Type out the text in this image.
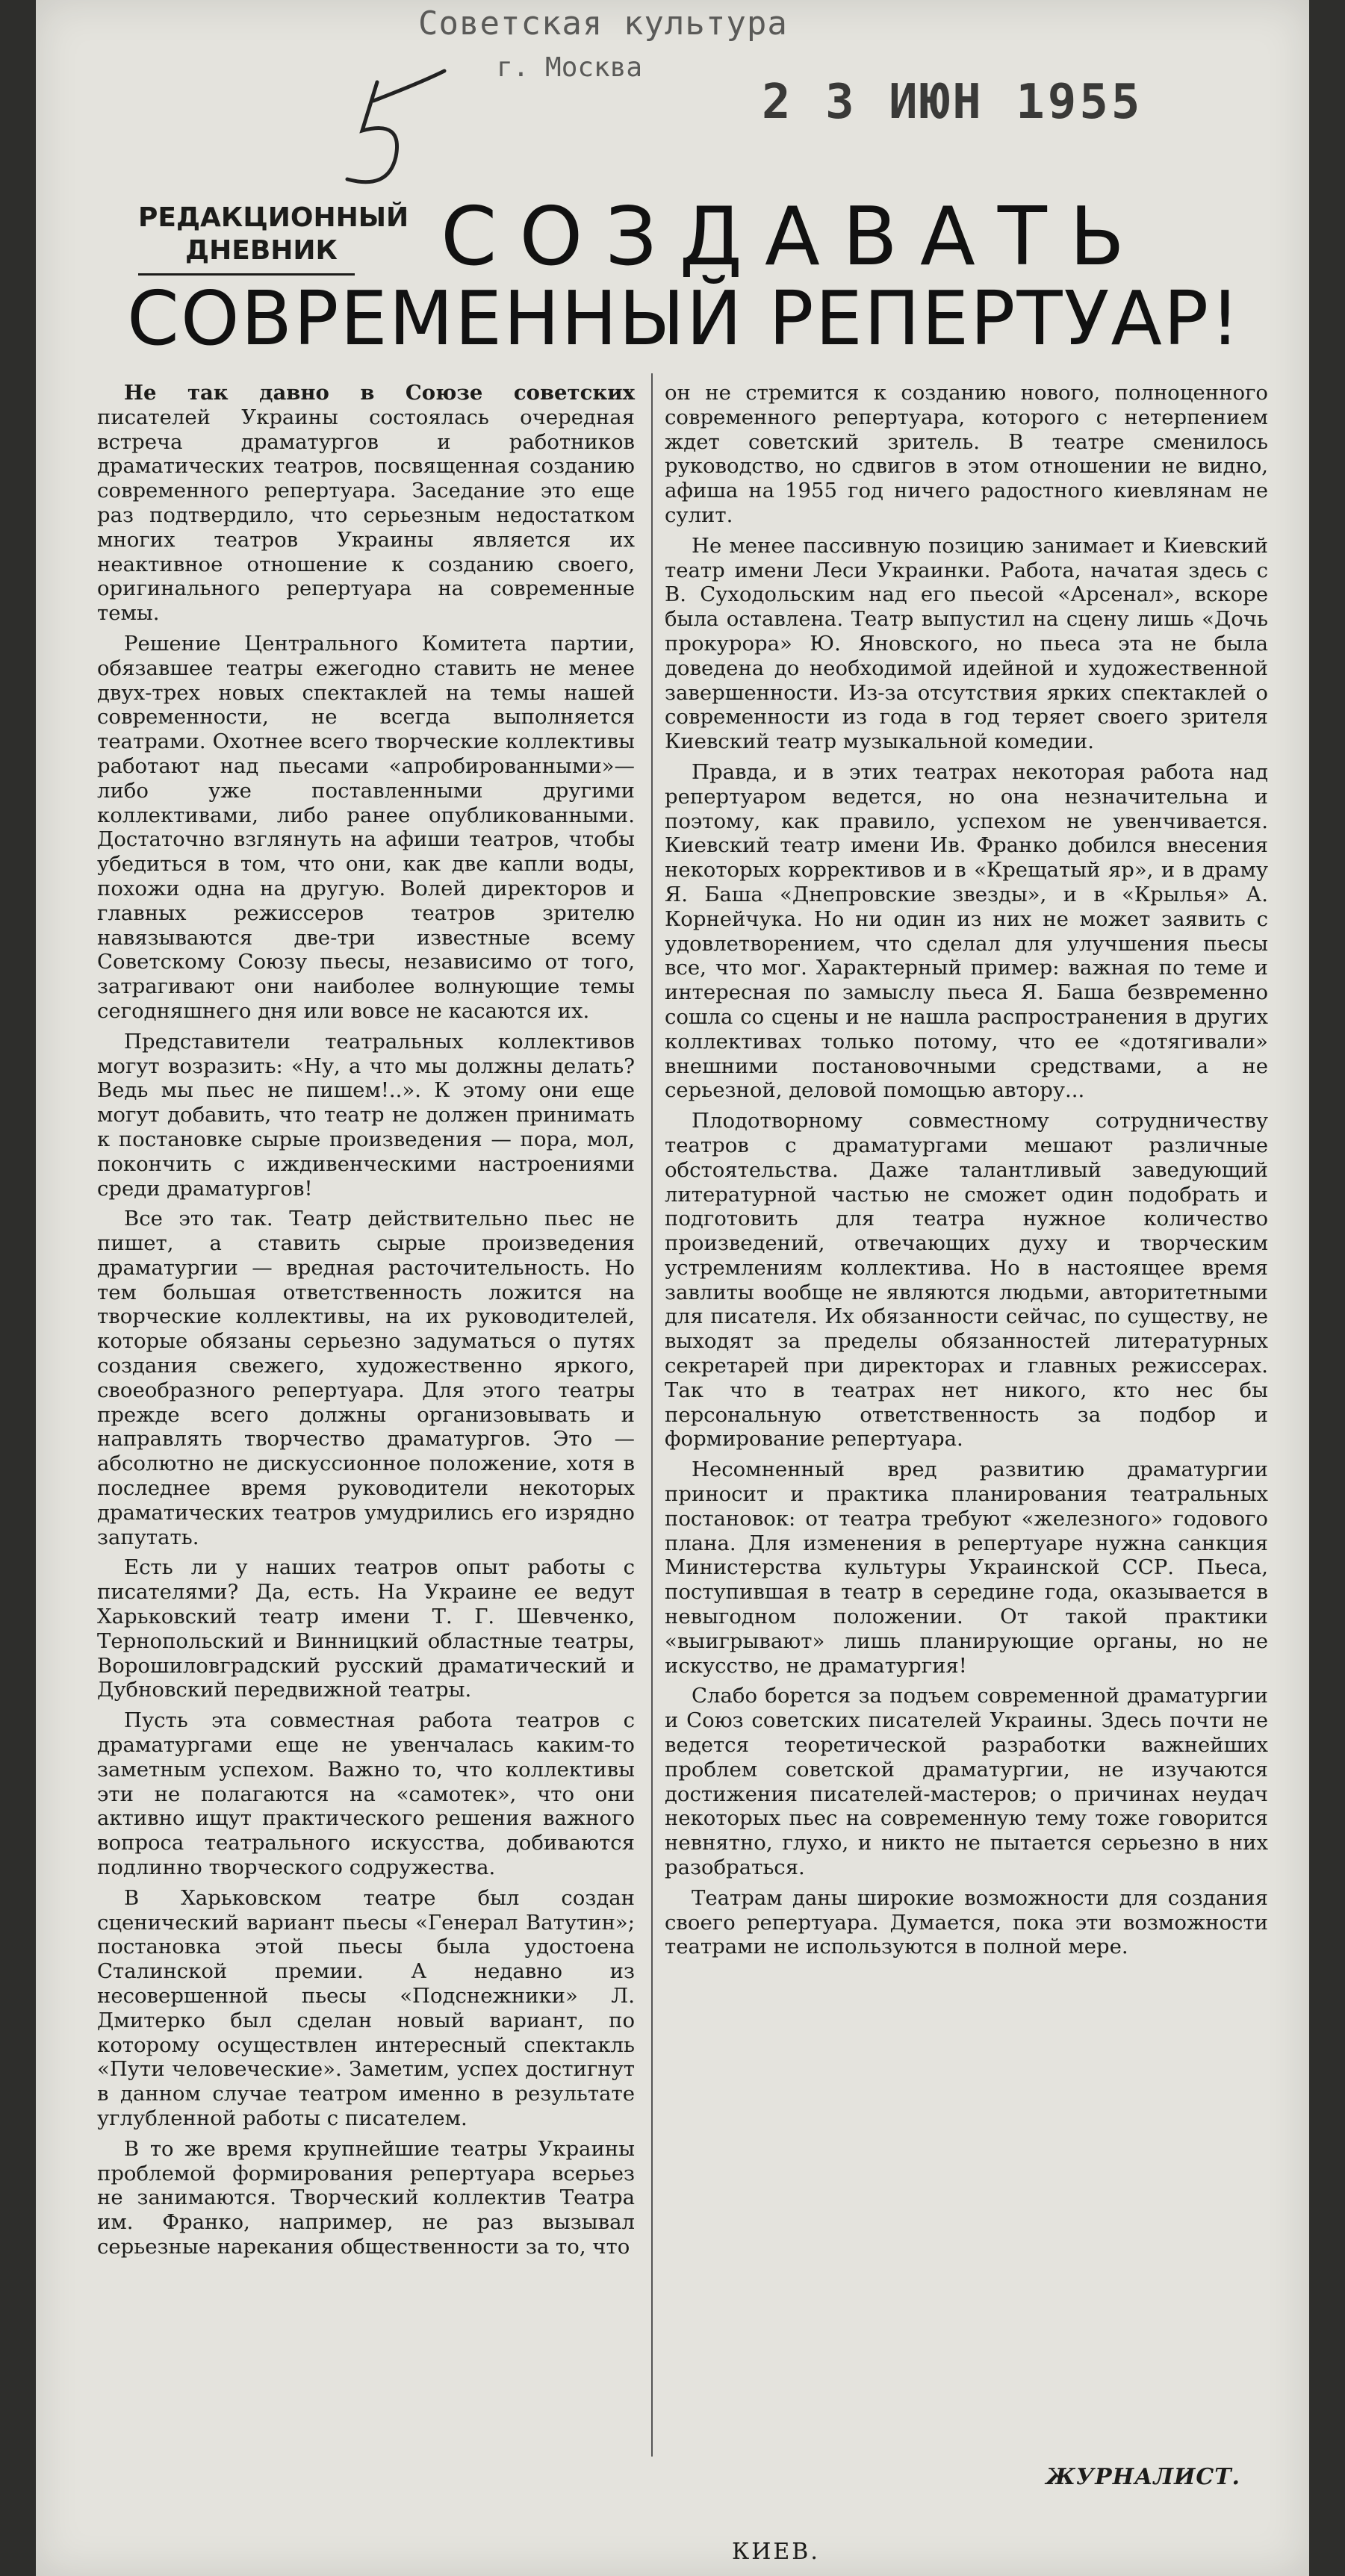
Советская культура
г. Москва
2 3 ИЮН 1955
РЕДАКЦИОННЫЙ ДНЕВНИК	СОЗДАВАТЬ
СОВРЕМЕННЫЙ РЕПЕРТУАР!

Не так давно в Союзе советских писателей Украины состоялась очередная встреча драматургов и работников драматических театров, посвященная созданию современного репертуара. Заседание это еще раз подтвердило, что серьезным недостатком многих театров Украины является их неактивное отношение к созданию своего, оригинального репертуара на современные темы.

Решение Центрального Комитета партии, обязавшее театры ежегодно ставить не менее двух-трех новых спектаклей на темы нашей современности, не всегда выполняется театрами. Охотнее всего творческие коллективы работают над пьесами «апробированными»—либо уже поставленными другими коллективами, либо ранее опубликованными. Достаточно взглянуть на афиши театров, чтобы убедиться в том, что они, как две капли воды, похожи одна на другую. Волей директоров и главных режиссеров театров зрителю навязываются две-три известные всему Советскому Союзу пьесы, независимо от того, затрагивают они наиболее волнующие темы сегодняшнего дня или вовсе не касаются их.

Представители театральных коллективов могут возразить: «Ну, а что мы должны делать? Ведь мы пьес не пишем!..». К этому они еще могут добавить, что театр не должен принимать к постановке сырые произведения — пора, мол, покончить с иждивенческими настроениями среди драматургов!

Все это так. Театр действительно пьес не пишет, а ставить сырые произведения драматургии — вредная расточительность. Но тем большая ответственность ложится на творческие коллективы, на их руководителей, которые обязаны серьезно задуматься о путях создания свежего, художественно яркого, своеобразного репертуара. Для этого театры прежде всего должны организовывать и направлять творчество драматургов. Это — абсолютно не дискуссионное положение, хотя в последнее время руководители некоторых драматических театров умудрились его изрядно запутать.

Есть ли у наших театров опыт работы с писателями? Да, есть. На Украине ее ведут Харьковский театр имени Т. Г. Шевченко, Тернопольский и Винницкий областные театры, Ворошиловградский русский драматический и Дубновский передвижной театры.

Пусть эта совместная работа театров с драматургами еще не увенчалась каким-то заметным успехом. Важно то, что коллективы эти не полагаются на «самотек», что они активно ищут практического решения важного вопроса театрального искусства, добиваются подлинно творческого содружества.

В Харьковском театре был создан сценический вариант пьесы «Генерал Ватутин»; постановка этой пьесы была удостоена Сталинской премии. А недавно из несовершенной пьесы «Подснежники» Л. Дмитерко был сделан новый вариант, по которому осуществлен интересный спектакль «Пути человеческие». Заметим, успех достигнут в данном случае театром именно в результате углубленной работы с писателем.

В то же время крупнейшие театры Украины проблемой формирования репертуара всерьез не занимаются. Творческий коллектив Театра им. Франко, например, не раз вызывал серьезные нарекания общественности за то, что

он не стремится к созданию нового, полноценного современного репертуара, которого с нетерпением ждет советский зритель. В театре сменилось руководство, но сдвигов в этом отношении не видно, афиша на 1955 год ничего радостного киевлянам не сулит.

Не менее пассивную позицию занимает и Киевский театр имени Леси Украинки. Работа, начатая здесь с В. Суходольским над его пьесой «Арсенал», вскоре была оставлена. Театр выпустил на сцену лишь «Дочь прокурора» Ю. Яновского, но пьеса эта не была доведена до необходимой идейной и художественной завершенности. Из-за отсутствия ярких спектаклей о современности из года в год теряет своего зрителя Киевский театр музыкальной комедии.

Правда, и в этих театрах некоторая работа над репертуаром ведется, но она незначительна и поэтому, как правило, успехом не увенчивается. Киевский театр имени Ив. Франко добился внесения некоторых коррективов и в «Крещатый яр», и в драму Я. Баша «Днепровские звезды», и в «Крылья» А. Корнейчука. Но ни один из них не может заявить с удовлетворением, что сделал для улучшения пьесы все, что мог. Характерный пример: важная по теме и интересная по замыслу пьеса Я. Баша безвременно сошла со сцены и не нашла распространения в других коллективах только потому, что ее «дотягивали» внешними постановочными средствами, а не серьезной, деловой помощью автору...

Плодотворному совместному сотрудничеству театров с драматургами мешают различные обстоятельства. Даже талантливый заведующий литературной частью не сможет один подобрать и подготовить для театра нужное количество произведений, отвечающих духу и творческим устремлениям коллектива. Но в настоящее время завлиты вообще не являются людьми, авторитетными для писателя. Их обязанности сейчас, по существу, не выходят за пределы обязанностей литературных секретарей при директорах и главных режиссерах. Так что в театрах нет никого, кто нес бы персональную ответственность за подбор и формирование репертуара.

Несомненный вред развитию драматургии приносит и практика планирования театральных постановок: от театра требуют «железного» годового плана. Для изменения в репертуаре нужна санкция Министерства культуры Украинской ССР. Пьеса, поступившая в театр в середине года, оказывается в невыгодном положении. От такой практики «выигрывают» лишь планирующие органы, но не искусство, не драматургия!

Слабо борется за подъем современной драматургии и Союз советских писателей Украины. Здесь почти не ведется теоретической разработки важнейших проблем советской драматургии, не изучаются достижения писателей-мастеров; о причинах неудач некоторых пьес на современную тему тоже говорится невнятно, глухо, и никто не пытается серьезно в них разобраться.

Театрам даны широкие возможности для создания своего репертуара. Думается, пока эти возможности театрами не используются в полной мере.

ЖУРНАЛИСТ.
КИЕВ.
